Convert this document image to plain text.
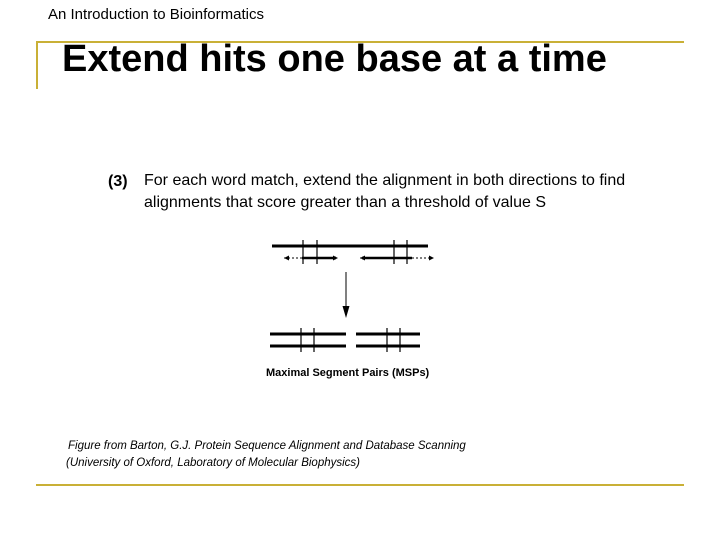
An Introduction to Bioinformatics
Extend hits one base at a time
(3) For each word match, extend the alignment in both directions to find
alignments that score greater than a threshold of value S
Maximal Segment Pairs (MSPs)
Figure from Barton, G.J. Protein Sequence Alignment and Database Scanning
(University of Oxford, Laboratory of Molecular Biophysics)
